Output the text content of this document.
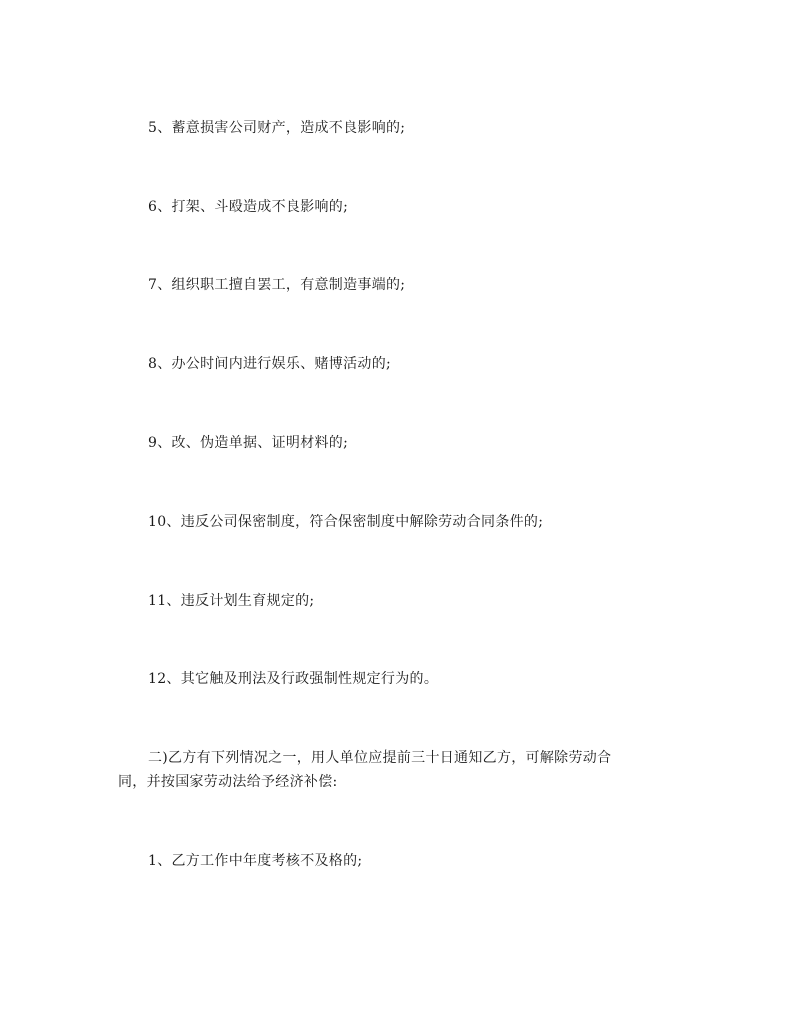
5、蓄意损害公司财产，造成不良影响的;
6、打架、斗殴造成不良影响的;
7、组织职工擅自罢工，有意制造事端的;
8、办公时间内进行娱乐、赌博活动的;
9、改、伪造单据、证明材料的;
10、违反公司保密制度，符合保密制度中解除劳动合同条件的;
11、违反计划生育规定的;
12、其它触及刑法及行政强制性规定行为的。
二)乙方有下列情况之一，用人单位应提前三十日通知乙方，可解除劳动合
同，并按国家劳动法给予经济补偿:
1、乙方工作中年度考核不及格的;
